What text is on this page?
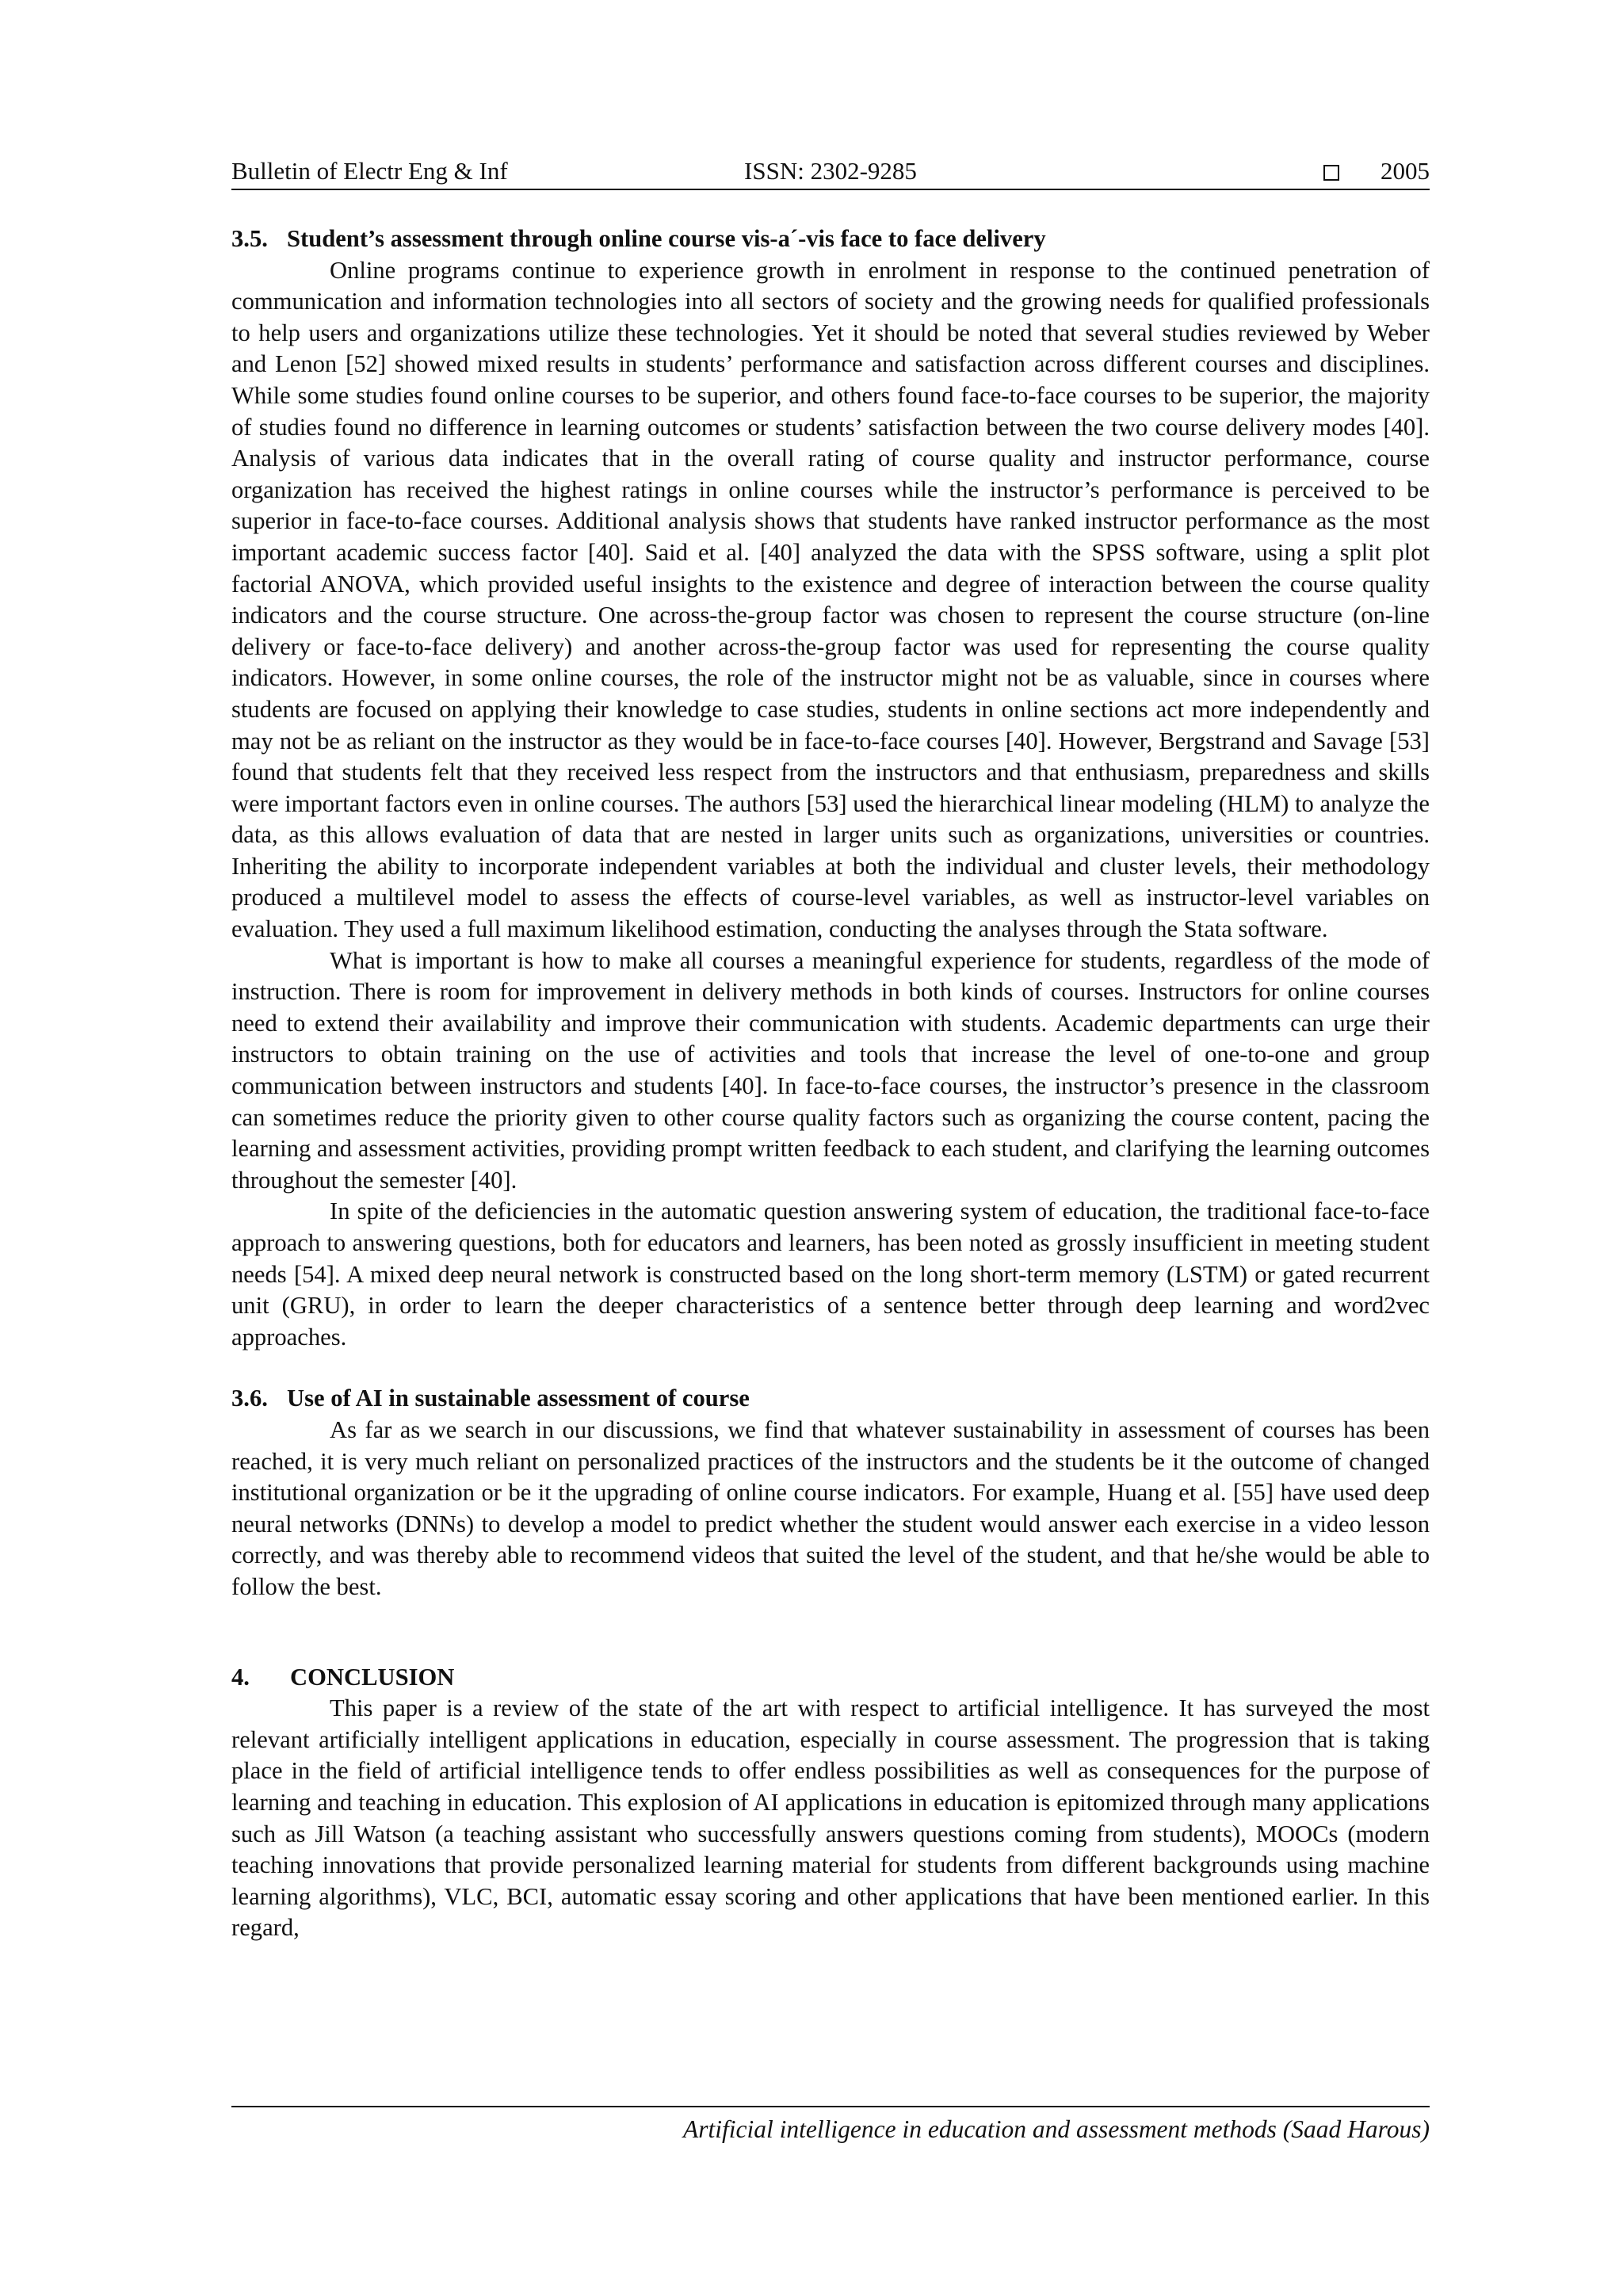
Bulletin of Electr Eng & Inf	ISSN: 2302-9285	2005
3.5. Student’s assessment through online course vis-a´-vis face to face delivery

Online programs continue to experience growth in enrolment in response to the continued penetration of communication and information technologies into all sectors of society and the growing needs for qualified professionals to help users and organizations utilize these technologies. Yet it should be noted that several studies reviewed by Weber and Lenon [52] showed mixed results in students’ performance and satisfaction across different courses and disciplines. While some studies found online courses to be superior, and others found face-to-face courses to be superior, the majority of studies found no difference in learning outcomes or students’ satisfaction between the two course delivery modes [40]. Analysis of various data indicates that in the overall rating of course quality and instructor performance, course organization has received the highest ratings in online courses while the instructor’s performance is perceived to be superior in face-to-face courses. Additional analysis shows that students have ranked instructor performance as the most important academic success factor [40]. Said et al. [40] analyzed the data with the SPSS software, using a split plot factorial ANOVA, which provided useful insights to the existence and degree of interaction between the course quality indicators and the course structure. One across-the-group factor was chosen to represent the course structure (on-line delivery or face-to-face delivery) and another across-the-group factor was used for representing the course quality indicators. However, in some online courses, the role of the instructor might not be as valuable, since in courses where students are focused on applying their knowledge to case studies, students in online sections act more independently and may not be as reliant on the instructor as they would be in face-to-face courses [40]. However, Bergstrand and Savage [53] found that students felt that they received less respect from the instructors and that enthusiasm, preparedness and skills were important factors even in online courses. The authors [53] used the hierarchical linear modeling (HLM) to analyze the data, as this allows evaluation of data that are nested in larger units such as organizations, universities or countries. Inheriting the ability to incorporate independent variables at both the individual and cluster levels, their methodology produced a multilevel model to assess the effects of course-level variables, as well as instructor-level variables on evaluation. They used a full maximum likelihood estimation, conducting the analyses through the Stata software.

What is important is how to make all courses a meaningful experience for students, regardless of the mode of instruction. There is room for improvement in delivery methods in both kinds of courses. Instructors for online courses need to extend their availability and improve their communication with students. Academic departments can urge their instructors to obtain training on the use of activities and tools that increase the level of one-to-one and group communication between instructors and students [40]. In face-to-face courses, the instructor’s presence in the classroom can sometimes reduce the priority given to other course quality factors such as organizing the course content, pacing the learning and assessment activities, providing prompt written feedback to each student, and clarifying the learning outcomes throughout the semester [40].

In spite of the deficiencies in the automatic question answering system of education, the traditional face-to-face approach to answering questions, both for educators and learners, has been noted as grossly insufficient in meeting student needs [54]. A mixed deep neural network is constructed based on the long short-term memory (LSTM) or gated recurrent unit (GRU), in order to learn the deeper characteristics of a sentence better through deep learning and word2vec approaches.

3.6. Use of AI in sustainable assessment of course

As far as we search in our discussions, we find that whatever sustainability in assessment of courses has been reached, it is very much reliant on personalized practices of the instructors and the students be it the outcome of changed institutional organization or be it the upgrading of online course indicators. For example, Huang et al. [55] have used deep neural networks (DNNs) to develop a model to predict whether the student would answer each exercise in a video lesson correctly, and was thereby able to recommend videos that suited the level of the student, and that he/she would be able to follow the best.

4. CONCLUSION

This paper is a review of the state of the art with respect to artificial intelligence. It has surveyed the most relevant artificially intelligent applications in education, especially in course assessment. The progression that is taking place in the field of artificial intelligence tends to offer endless possibilities as well as consequences for the purpose of learning and teaching in education. This explosion of AI applications in education is epitomized through many applications such as Jill Watson (a teaching assistant who successfully answers questions coming from students), MOOCs (modern teaching innovations that provide personalized learning material for students from different backgrounds using machine learning algorithms), VLC, BCI, automatic essay scoring and other applications that have been mentioned earlier. In this regard,

Artificial intelligence in education and assessment methods (Saad Harous)
